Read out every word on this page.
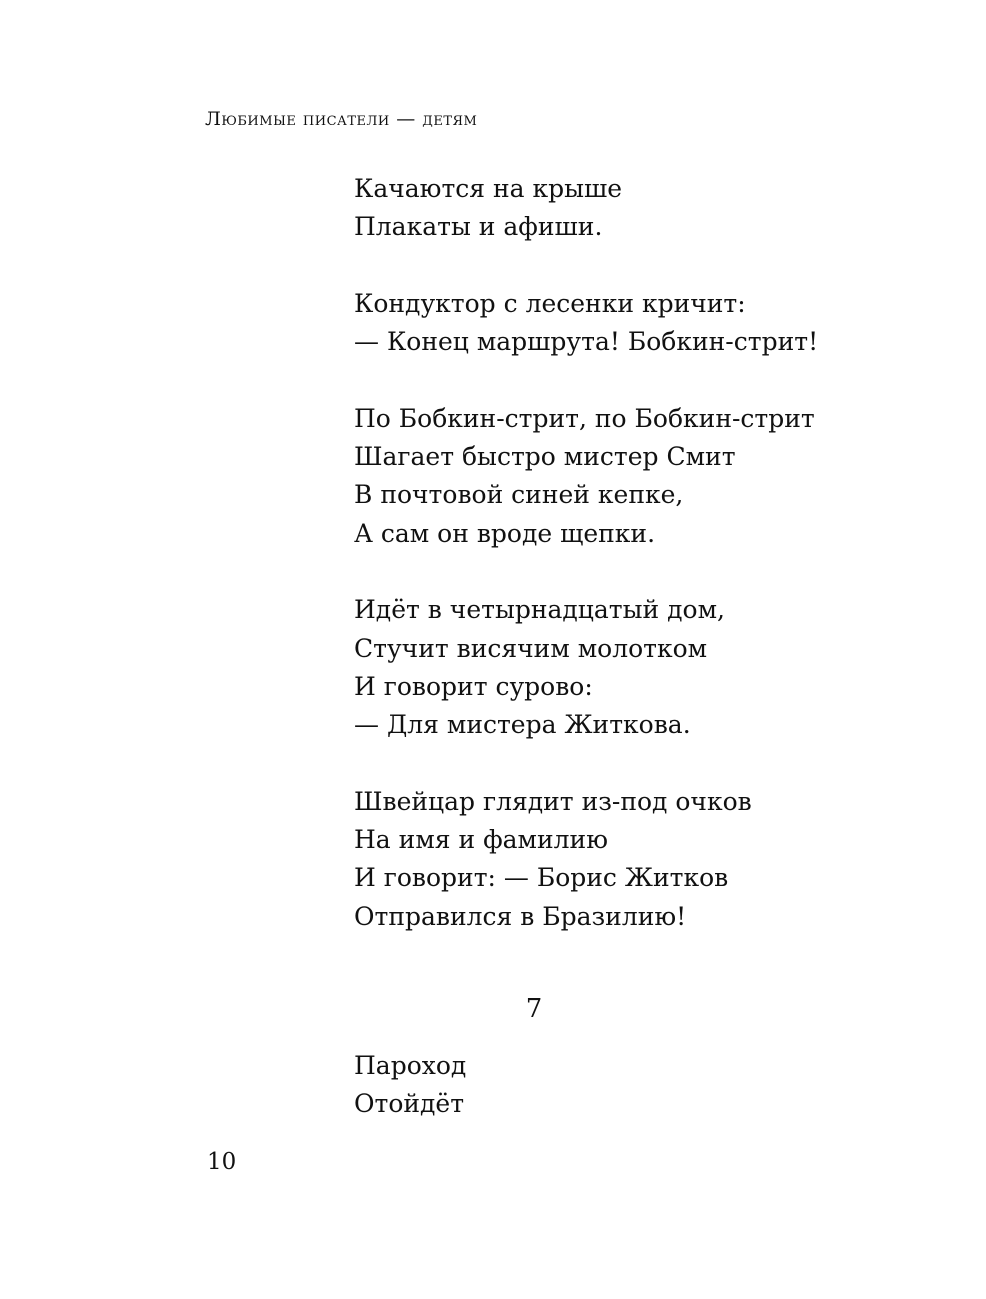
Любимые писатели — детям
Качаются на крыше
Плакаты и афиши.
Кондуктор с лесенки кричит:
— Конец маршрута! Бобкин-стрит!
По Бобкин-стрит, по Бобкин-стрит
Шагает быстро мистер Смит
В почтовой синей кепке,
А сам он вроде щепки.
Идёт в четырнадцатый дом,
Стучит висячим молотком
И говорит сурово:
— Для мистера Житкова.
Швейцар глядит из-под очков
На имя и фамилию
И говорит: — Борис Житков
Отправился в Бразилию!
7
Пароход
Отойдёт
10
